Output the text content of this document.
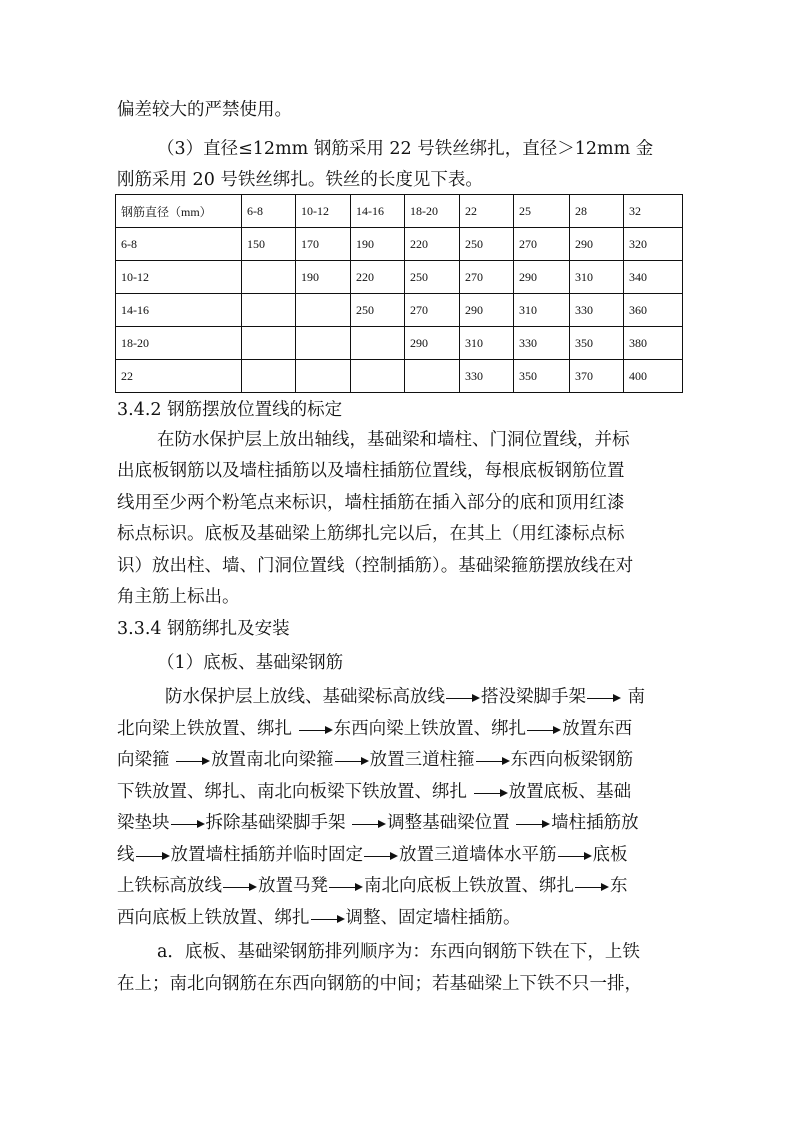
偏差较大的严禁使用。
（3）直径≤12mm 钢筋采用 22 号铁丝绑扎，直径＞12mm 金
刚筋采用 20 号铁丝绑扎。铁丝的长度见下表。
钢筋直径（mm）	6-8	10-12	14-16	18-20	22	25	28	32
6-8	150	170	190	220	250	270	290	320
10-12		190	220	250	270	290	310	340
14-16			250	270	290	310	330	360
18-20				290	310	330	350	380
22					330	350	370	400
3.4.2 钢筋摆放位置线的标定
在防水保护层上放出轴线，基础梁和墙柱、门洞位置线，并标
出底板钢筋以及墙柱插筋以及墙柱插筋位置线，每根底板钢筋位置
线用至少两个粉笔点来标识，墙柱插筋在插入部分的底和顶用红漆
标点标识。底板及基础梁上筋绑扎完以后，在其上（用红漆标点标
识）放出柱、墙、门洞位置线（控制插筋）。基础梁箍筋摆放线在对
角主筋上标出。
3.3.4 钢筋绑扎及安装
（1）底板、基础梁钢筋
防水保护层上放线、基础梁标高放线 搭没梁脚手架 南
北向梁上铁放置、绑扎 东西向梁上铁放置、绑扎 放置东西
向梁箍 放置南北向梁箍 放置三道柱箍 东西向板梁钢筋
下铁放置、绑扎、南北向板梁下铁放置、绑扎 放置底板、基础
梁垫块 拆除基础梁脚手架 调整基础梁位置 墙柱插筋放
线 放置墙柱插筋并临时固定 放置三道墙体水平筋 底板
上铁标高放线 放置马凳 南北向底板上铁放置、绑扎 东
西向底板上铁放置、绑扎 调整、固定墙柱插筋。
a．底板、基础梁钢筋排列顺序为：东西向钢筋下铁在下，上铁
在上；南北向钢筋在东西向钢筋的中间；若基础梁上下铁不只一排，
